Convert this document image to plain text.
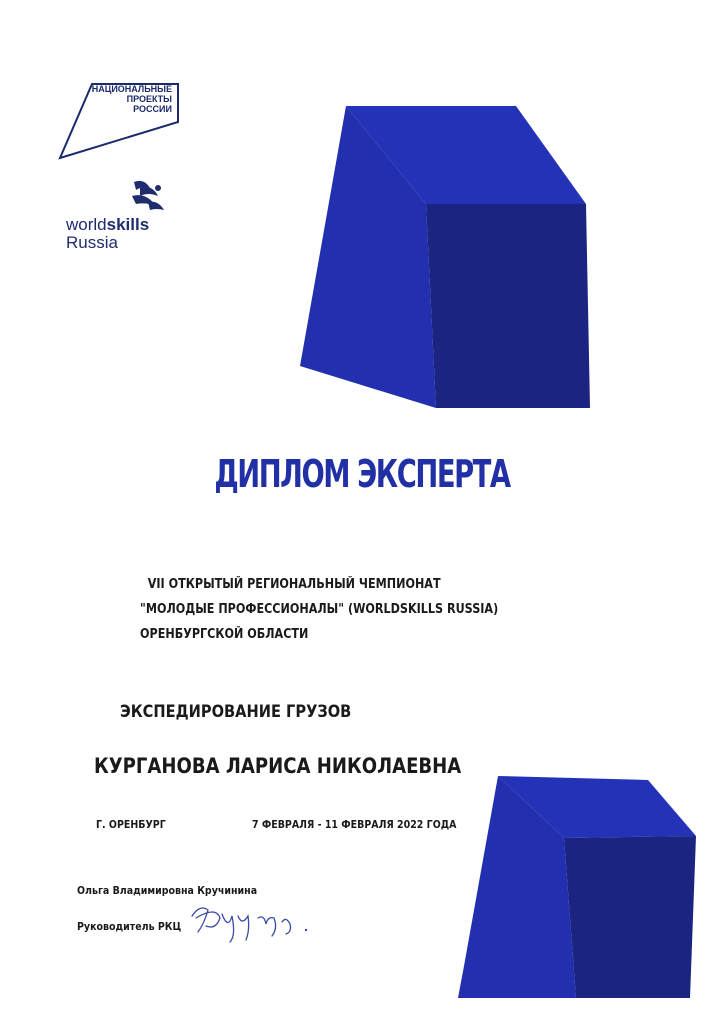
НАЦИОНАЛЬНЫЕ
ПРОЕКТЫ
РОССИИ
worldskills
Russia
ДИПЛОМ ЭКСПЕРТА
VII ОТКРЫТЫЙ РЕГИОНАЛЬНЫЙ ЧЕМПИОНАТ
"МОЛОДЫЕ ПРОФЕССИОНАЛЫ" (WORLDSKILLS RUSSIA)
ОРЕНБУРГСКОЙ ОБЛАСТИ
ЭКСПЕДИРОВАНИЕ ГРУЗОВ
КУРГАНОВА ЛАРИСА НИКОЛАЕВНА
Г. ОРЕНБУРГ	7 ФЕВРАЛЯ - 11 ФЕВРАЛЯ 2022 ГОДА
Ольга Владимировна Кручинина
Руководитель РКЦ
